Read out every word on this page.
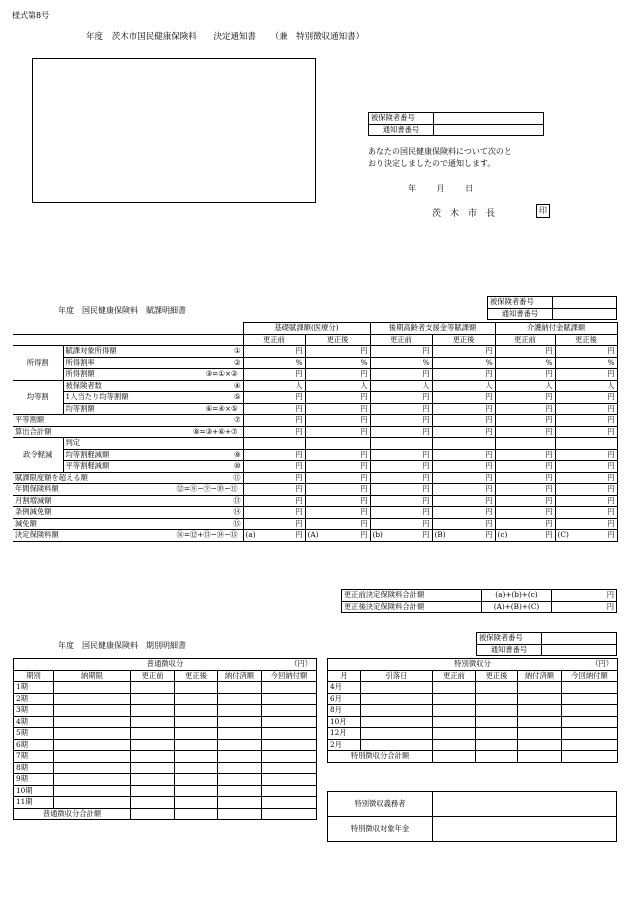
様式第8号
年度 茨木市国民健康保険料 決定通知書 （兼　特別徴収通知書）
被保険者番号	
通知書番号	
あなたの国民健康保険料について次のと
おり決定しましたので通知します。
年	月	日
茨　木　市　長	印
年度　国民健康保険料　賦課明細書
被保険者番号	
通知書番号	
		基礎賦課額(医療分)		後期高齢者支援金等賦課額		介護納付金賦課額	
		更正前	更正後	更正前	更正後	更正前	更正後
所得割	賦課対象所得額 ①	円	円	円	円	円	円

	所得割率 ②	%	%	%	%	%	%

	所得割額 ③=①×②	円	円	円	円	円	円
均等割	被保険者数 ④	人	人	人	人	人	人

	1人当たり均等割額 ⑤	円	円	円	円	円	円

	均等割額 ⑥=④×⑤	円	円	円	円	円	円

平等割額 ⑦		円	円	円	円	円	円

算出合計額 ⑧=③+⑥+⑦		円	円	円	円	円	円
政令軽減	判定						

	均等割軽減額 ⑨	円	円	円	円	円	円

	平等割軽減額 ⑩	円	円	円	円	円	円

賦課限度額を超える額 ⑪		円	円	円	円	円	円

年間保険料額 ⑫=⑧−⑨−⑩−⑪		円	円	円	円	円	円

月割増減額 ⑬		円	円	円	円	円	円

条例減免額 ⑭		円	円	円	円	円	円

減免額 ⑮		円	円	円	円	円	円

決定保険料額 ⑯=⑫+⑬−⑭−⑮		(a) 円	(A) 円	(b) 円	(B) 円	(c) 円	(C) 円
更正前決定保険料合計額	(a)+(b)+(c)	円
更正後決定保険料合計額	(A)+(B)+(C)	円
年度　国民健康保険料　期別明細書
被保険者番号	
通知書番号	
普通徴収分 （円）					

期別	納期限	更正前	更正後	納付済額	今回納付額
1期					
2期					
3期					
4期					
5期					
6期					
7期					
8期					
9期					
10期					
11期					
普通徴収分合計額					
特別徴収分 （円）					

月	引落日	更正前	更正後	納付済額	今回納付額
4月					
6月					
8月					
10月					
12月					
2月					
特別徴収分合計額					
特別徴収義務者	
特別徴収対象年金	
